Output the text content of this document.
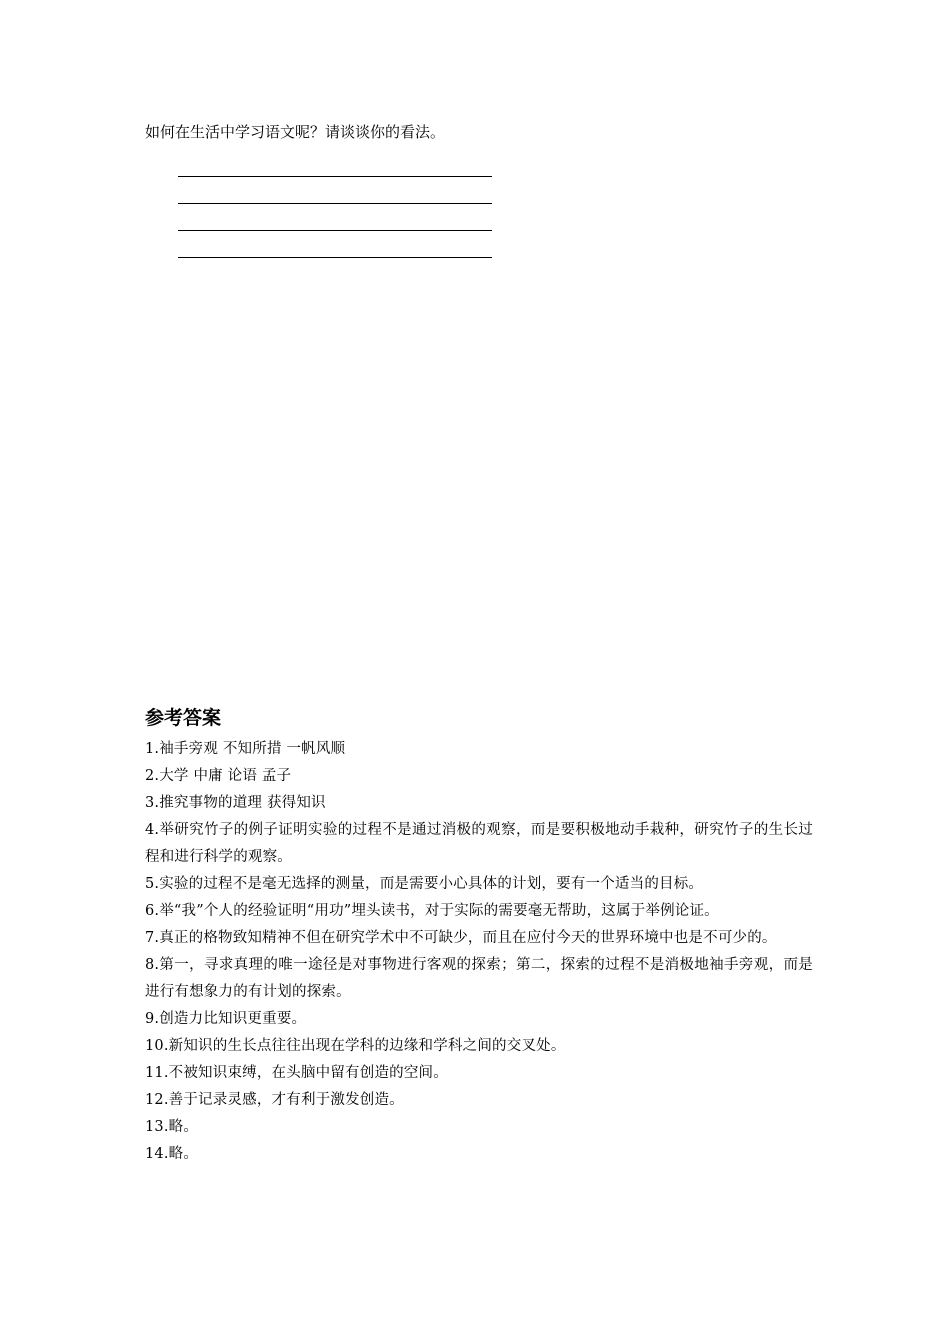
如何在生活中学习语文呢？请谈谈你的看法。
参考答案
1.袖手旁观 不知所措 一帆风顺
2.大学 中庸 论语 孟子
3.推究事物的道理 获得知识
4.举研究竹子的例子证明实验的过程不是通过消极的观察，而是要积极地动手栽种，研究竹子的生长过程和进行科学的观察。
5.实验的过程不是毫无选择的测量，而是需要小心具体的计划，要有一个适当的目标。
6.举“我”个人的经验证明“用功”埋头读书，对于实际的需要毫无帮助，这属于举例论证。
7.真正的格物致知精神不但在研究学术中不可缺少，而且在应付今天的世界环境中也是不可少的。
8.第一，寻求真理的唯一途径是对事物进行客观的探索；第二，探索的过程不是消极地袖手旁观，而是进行有想象力的有计划的探索。
9.创造力比知识更重要。
10.新知识的生长点往往出现在学科的边缘和学科之间的交叉处。
11.不被知识束缚，在头脑中留有创造的空间。
12.善于记录灵感，才有利于激发创造。
13.略。
14.略。
